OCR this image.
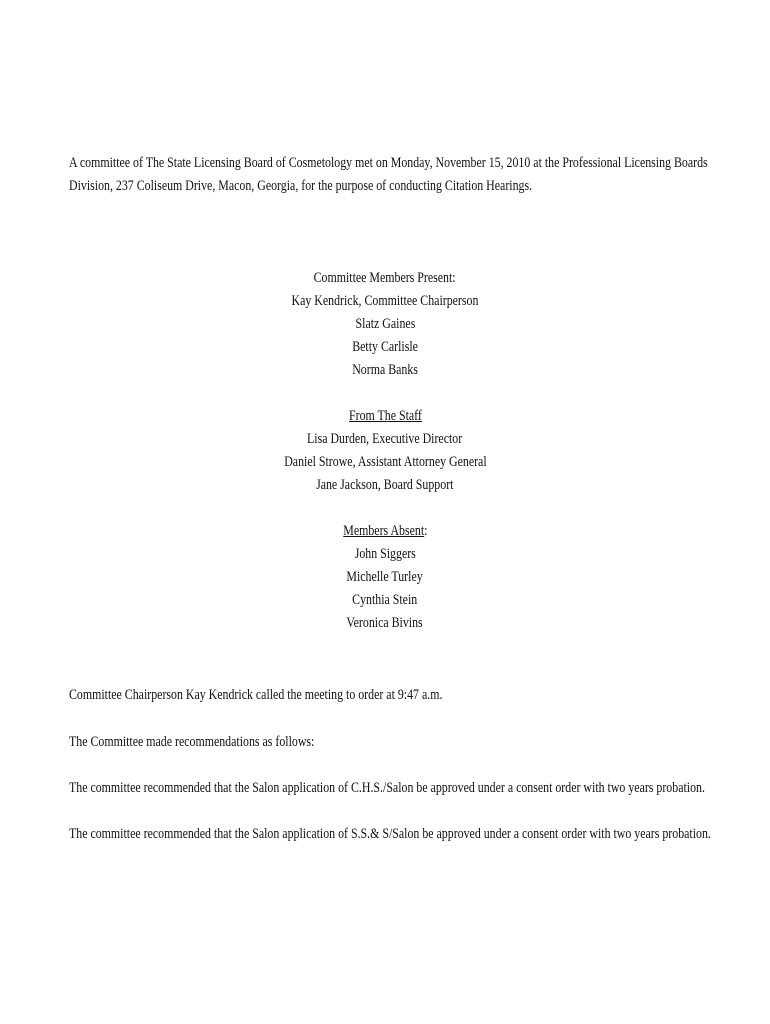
A committee of The State Licensing Board of Cosmetology met on Monday, November 15, 2010 at the Professional Licensing Boards

Division, 237 Coliseum Drive, Macon, Georgia, for the purpose of conducting Citation Hearings.

Committee Members Present:
Kay Kendrick, Committee Chairperson
Slatz Gaines
Betty Carlisle
Norma Banks
From The Staff
Lisa Durden, Executive Director
Daniel Strowe, Assistant Attorney General
Jane Jackson, Board Support
Members Absent:
John Siggers
Michelle Turley
Cynthia Stein
Veronica Bivins
Committee Chairperson Kay Kendrick called the meeting to order at 9:47 a.m.
The Committee made recommendations as follows:
The committee recommended that the Salon application of C.H.S./Salon be approved under a consent order with two years probation.
The committee recommended that the Salon application of S.S.& S/Salon be approved under a consent order with two years probation.
